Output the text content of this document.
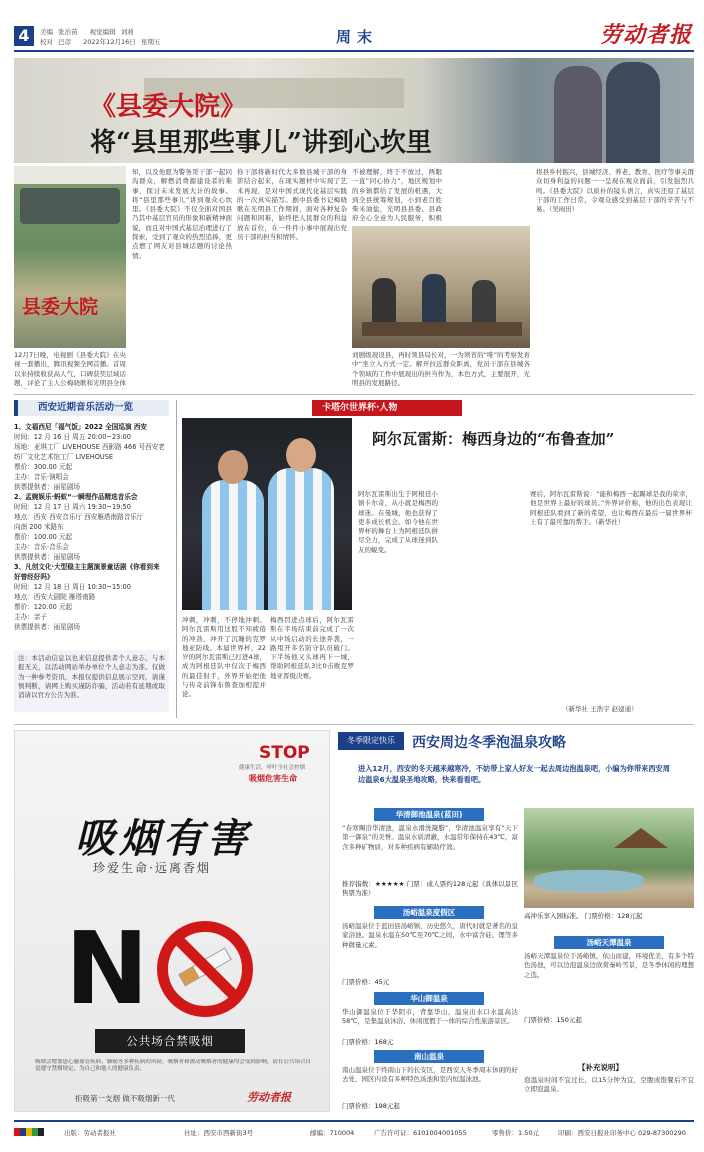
4	美编 张治苗 视觉编辑 刘莉
校对 巴彦 2022年12月16日 星期五	周末	劳动者报
《县委大院》
将“县里那些事儿”讲到心坎里
县委大院
12月7日晚，电视剧《县委大院》在央视一套播出，腾讯视频全网首播。首周以来持续收获高人气，口碑获奖层域话题，评论了主人公梅晓歌和光明县全体
知，以及他愿为警务哥干部一起同沟群众，解燃消费源建设者的难事，探讨未来发展大计的故事。将“县里那些事儿”讲到观众心坎里。《县委大院》不仅全面对国县乃其中基层官员的形象和新精神面貌，而且对中国式基层治理进行了探索，受到了观众的热烈追捧，更点燃了网友对县城话题的讨论热情。
你干部将新时代大多数县城干部的身影结合起来，在现实题材中实现了艺术再现，是对中国式现代化基层实践的一次真实描写。剧中县委书记梅晓歌在光明县工作期间，面对各种复杂问题和困难，始终把人民群众的利益放在首位，在一件件小事中展现出党员干部的担当和情怀。
不被理解，终于不放过，两眼一直“同心协力”，地区规划中的乡镇都给了发展的机遇，大到全县统筹规划，小到老百姓柴米油盐，光明县县委、县政府全心全意为人民服务，积极
刘剧级现设县，再时领县局长对，一为须省的“唯”的考察发育中“坐立入方式一定。解开拉近群众距离，党员干部在县城各个领域的工作中展现出的担当作为，本色方式，主要展开，光明县的发展路径。
将县乡村振兴，县城经济、养老、教育、医疗等事关群众切身利益的问题一一呈现在观众面前，引发强烈共鸣。《县委大院》以质朴的镜头语言，真实还原了基层干部的工作日常，令观众感受到基层干部的辛苦与不易。（吴雨田）
西安近期音乐活动一览
1、文福西尼「福气饭」2022 全国巡演 西安
时间：12 月 16 日 周五 20:00~23:00
场地：亚琪工厂 LIVEHOUSE 西影路 466 号西安老
纺厂文化艺术馆工厂 LIVEHOUSE
票价：300.00 元起
主办：音乐·演唱会
供票提供者：丽星剧场
2、孟婉娱乐·蚂蚁“一瞬理作品精选音乐会
时间：12 月 17 日 周六 19:30~19:50
地点：西安 西安音乐厅 西安雁塔南路音乐厅
向南 200 米路东
票价：100.00 元起
主办：音乐·音乐会
供票提供者：丽星剧场
3、凡创文化·大型稳主主题演景童话剧《你看到来
好曾经好吗》
时间：12 月 18 日 周日 10:30~15:00
地点：西安大剧院 雁塔南路
票价：120.00 元起
主办：亲子
供票提供者：丽星剧场
注：本活动信息以也来信息提供者个人意志，与本报无关，以活动网站举办单位个人意志为准。仅做为一种参考资讯，本报仅提供信息展示空间，请谨慎判断，请网上购买谨防诈骗，活动若有延期或取消请以官方公告为准。
卡塔尔世界杯·人物
阿尔瓦雷斯：梅西身边的“布鲁查加”
冲刺，冲刺，不停地冲刺。阿尔瓦雷斯用这股不知疲倦的冲劲，冲开了沉睡的克罗地亚防线。本届世界杯，22岁的阿尔瓦雷斯已打进4球，成为阿根廷队中仅次于梅西的最佳射手，外界开始把他与传奇前锋布鲁查加相提并论。
梅西罚进点球后，阿尔瓦雷斯在半场结束前完成了一次从中场启动的长途奔袭，一路甩开多名防守队员破门。下半场他又头球再下一城，帮助阿根廷队3比0击败克罗地亚晋级决赛。
阿尔瓦雷斯出生于阿根廷小镇卡尔奇，从小就是梅西的球迷。在曼城，他也获得了更多成长机会。如今他在世界杯的舞台上为阿根廷队拼尽全力，完成了从球迷到队友的蜕变。
赛后，阿尔瓦雷斯说：“能和梅西一起踢球是我的荣幸，他是世界上最好的球员。”外界评价称，他的出色表现让阿根廷队看到了新的希望，也让梅西在最后一届世界杯上有了最可靠的帮手。（新华社）
（新华社 王浩宇 赵建通）
STOP
健康生活，呼吁全社会控烟
吸烟危害生命
吸烟有害
珍爱生命·远离香烟
N
公共场合禁吸烟
吸烟会增加患心脑血管疾病、肺癌等多种疾病的风险，吸烟者和被动吸烟者的健康均会受到影响，请在公共场合自觉遵守禁烟规定，为自己和他人的健康负责。
拒吸第一支烟 做不吸烟新一代	劳动者报
冬季限定快乐	西安周边冬季泡温泉攻略
进入12月，西安的冬天越来越寒冷，不妨带上家人好友一起去周边泡温泉吧，小编为你带来西安周边温泉6大温泉圣地攻略，快来看看吧。
华清御池温泉(蓝田)
“春寒赐浴华清池，温泉水滑洗凝脂”，华清池温泉享有“天下第一御泉”的美誉。温泉水质清澈，水温常年保持在43℃，富含多种矿物质，对多种疾病有辅助疗效。
推荐指数：★★★★★ 门票：成人票约128元起（具体以景区售票为准）
汤峪温泉度假区
汤峪温泉位于蓝田县汤峪镇，历史悠久，唐代时就是著名的皇家浴池。温泉水温在50℃至70℃之间，水中富含硅、锂等多种微量元素。
门票价格：45元
华山御温泉
华山御温泉位于华阴市，背靠华山，温泉出水口水温高达58℃，是集温泉沐浴、休闲度假于一体的综合性旅游景区。
门票价格：168元
南山温泉
南山温泉位于终南山下的长安区，是西安人冬季周末休闲的好去处，园区内设有多种特色汤池和室内恒温泳池。
门票价格：198元起
高冲乐享入园标准。 门票价格：128元起
汤峪天潭温泉
汤峪天潭温泉位于汤峪镇，依山而建，环境优美，有多个特色汤池，可以边泡温泉边欣赏秦岭雪景，是冬季休闲的理想之选。
门票价格：150元起
【补充说明】
泡温泉时间不宜过长，以15分钟为宜，空腹或饱餐后不宜立即泡温泉。
出版：劳动者报社	社址：西安市西新街3号	邮编：710004	广告许可证：6101004001055	零售价：1.50元	印刷：西安日报社印务中心 029-87300290
